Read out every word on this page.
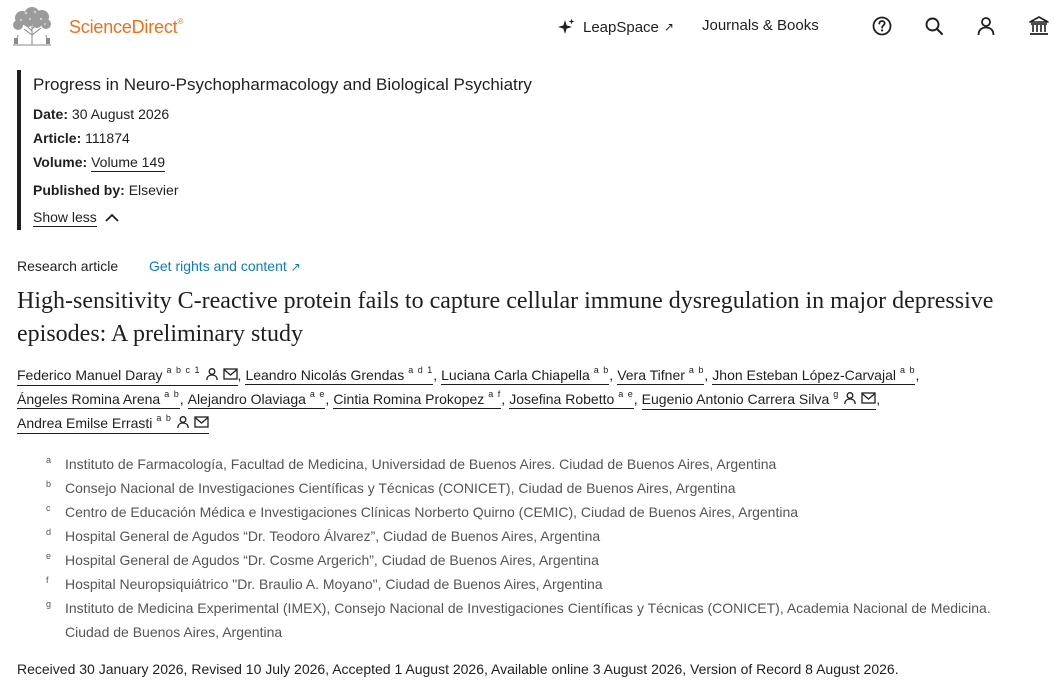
ScienceDirect®	LeapSpace ↗ Journals & Books
Progress in Neuro-Psychopharmacology and Biological Psychiatry
Date: 30 August 2026
Article: 111874
Volume: Volume 149
Published by: Elsevier
Show less
Research article Get rights and content ↗
High-sensitivity C-reactive protein fails to capture cellular immune dysregulation in major depressive episodes: A preliminary study
Federico Manuel Daray $^{a b c 1}$	, Leandro Nicolás Grendas $^{a d 1}$ , Luciana Carla Chiapella $^{a b}$ , Vera Tifner $^{a b}$ , Jhon Esteban López-Carvajal $^{a b}$ ,

Ángeles Romina Arena $^{a b}$ , Alejandro Olaviaga $^{a e}$ , Cintia Romina Prokopez $^{a f}$ , Josefina Robetto $^{a e}$ , Eugenio Antonio Carrera Silva $^g$	,

Andrea Emilse Errasti $^{a b}$
a Instituto de Farmacología, Facultad de Medicina, Universidad de Buenos Aires. Ciudad de Buenos Aires, Argentina
b Consejo Nacional de Investigaciones Científicas y Técnicas (CONICET), Ciudad de Buenos Aires, Argentina
c Centro de Educación Médica e Investigaciones Clínicas Norberto Quirno (CEMIC), Ciudad de Buenos Aires, Argentina
d Hospital General de Agudos “Dr. Teodoro Álvarez”, Ciudad de Buenos Aires, Argentina
e Hospital General de Agudos “Dr. Cosme Argerich”, Ciudad de Buenos Aires, Argentina
f Hospital Neuropsiquiátrico "Dr. Braulio A. Moyano", Ciudad de Buenos Aires, Argentina
g Instituto de Medicina Experimental (IMEX), Consejo Nacional de Investigaciones Científicas y Técnicas (CONICET), Academia Nacional de Medicina. Ciudad de Buenos Aires, Argentina
Received 30 January 2026, Revised 10 July 2026, Accepted 1 August 2026, Available online 3 August 2026, Version of Record 8 August 2026.
